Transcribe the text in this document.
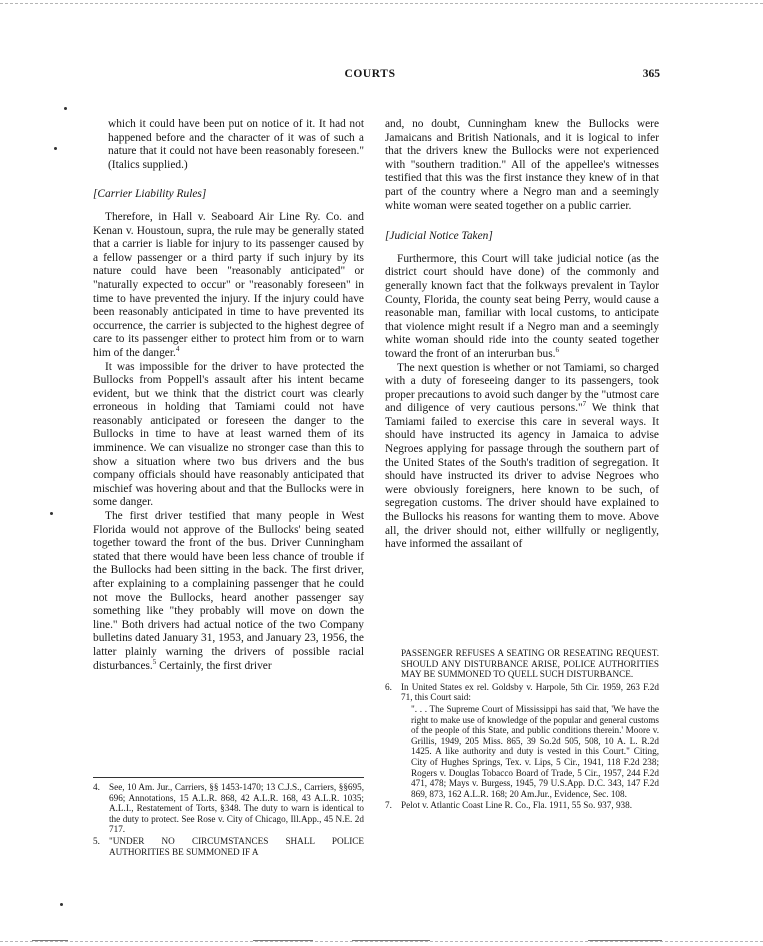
COURTS	365

which it could have been put on notice of it. It had not happened before and the character of it was of such a nature that it could not have been reasonably foreseen." (Italics supplied.)

[Carrier Liability Rules]

Therefore, in Hall v. Seaboard Air Line Ry. Co. and Kenan v. Houstoun, supra, the rule may be generally stated that a carrier is liable for injury to its passenger caused by a fellow passenger or a third party if such injury by its nature could have been "reasonably anticipated" or "naturally expected to occur" or "reasonably foreseen" in time to have prevented the injury. If the injury could have been reasonably anticipated in time to have prevented its occurrence, the carrier is subjected to the highest degree of care to its passenger either to protect him from or to warn him of the danger.$^4$

It was impossible for the driver to have protected the Bullocks from Poppell's assault after his intent became evident, but we think that the district court was clearly erroneous in holding that Tamiami could not have reasonably anticipated or foreseen the danger to the Bullocks in time to have at least warned them of its imminence. We can visualize no stronger case than this to show a situation where two bus drivers and the bus company officials should have reasonably anticipated that mischief was hovering about and that the Bullocks were in some danger.

The first driver testified that many people in West Florida would not approve of the Bullocks' being seated together toward the front of the bus. Driver Cunningham stated that there would have been less chance of trouble if the Bullocks had been sitting in the back. The first driver, after explaining to a complaining passenger that he could not move the Bullocks, heard another passenger say something like "they probably will move on down the line." Both drivers had actual notice of the two Company bulletins dated January 31, 1953, and January 23, 1956, the latter plainly warning the drivers of possible racial disturbances.$^5$ Certainly, the first driver

and, no doubt, Cunningham knew the Bullocks were Jamaicans and British Nationals, and it is logical to infer that the drivers knew the Bullocks were not experienced with "southern tradition." All of the appellee's witnesses testified that this was the first instance they knew of in that part of the country where a Negro man and a seemingly white woman were seated together on a public carrier.

[Judicial Notice Taken]

Furthermore, this Court will take judicial notice (as the district court should have done) of the commonly and generally known fact that the folkways prevalent in Taylor County, Florida, the county seat being Perry, would cause a reasonable man, familiar with local customs, to anticipate that violence might result if a Negro man and a seemingly white woman should ride into the county seated together toward the front of an interurban bus.$^6$

The next question is whether or not Tamiami, so charged with a duty of foreseeing danger to its passengers, took proper precautions to avoid such danger by the "utmost care and diligence of very cautious persons."$^7$ We think that Tamiami failed to exercise this care in several ways. It should have instructed its agency in Jamaica to advise Negroes applying for passage through the southern part of the United States of the South's tradition of segregation. It should have instructed its driver to advise Negroes who were obviously foreigners, here known to be such, of segregation customs. The driver should have explained to the Bullocks his reasons for wanting them to move. Above all, the driver should not, either willfully or negligently, have informed the assailant of

4. See, 10 Am. Jur., Carriers, §§ 1453-1470; 13 C.J.S., Carriers, §§695, 696; Annotations, 15 A.L.R. 868, 42 A.L.R. 168, 43 A.L.R. 1035; A.L.I., Restatement of Torts, §348. The duty to warn is identical to the duty to protect. See Rose v. City of Chicago, Ill.App., 45 N.E. 2d 717.
5. "UNDER NO CIRCUMSTANCES SHALL POLICE AUTHORITIES BE SUMMONED IF A
PASSENGER REFUSES A SEATING OR RESEATING REQUEST. SHOULD ANY DISTURBANCE ARISE, POLICE AUTHORITIES MAY BE SUMMONED TO QUELL SUCH DISTURBANCE.
6. In United States ex rel. Goldsby v. Harpole, 5th Cir. 1959, 263 F.2d 71, this Court said:
". . . The Supreme Court of Mississippi has said that, 'We have the right to make use of knowledge of the popular and general customs of the people of this State, and public conditions therein.' Moore v. Grillis, 1949, 205 Miss. 865, 39 So.2d 505, 508, 10 A. L. R.2d 1425. A like authority and duty is vested in this Court." Citing, City of Hughes Springs, Tex. v. Lips, 5 Cir., 1941, 118 F.2d 238; Rogers v. Douglas Tobacco Board of Trade, 5 Cir., 1957, 244 F.2d 471, 478; Mays v. Burgess, 1945, 79 U.S.App. D.C. 343, 147 F.2d 869, 873, 162 A.L.R. 168; 20 Am.Jur., Evidence, Sec. 108.
7. Pelot v. Atlantic Coast Line R. Co., Fla. 1911, 55 So. 937, 938.
